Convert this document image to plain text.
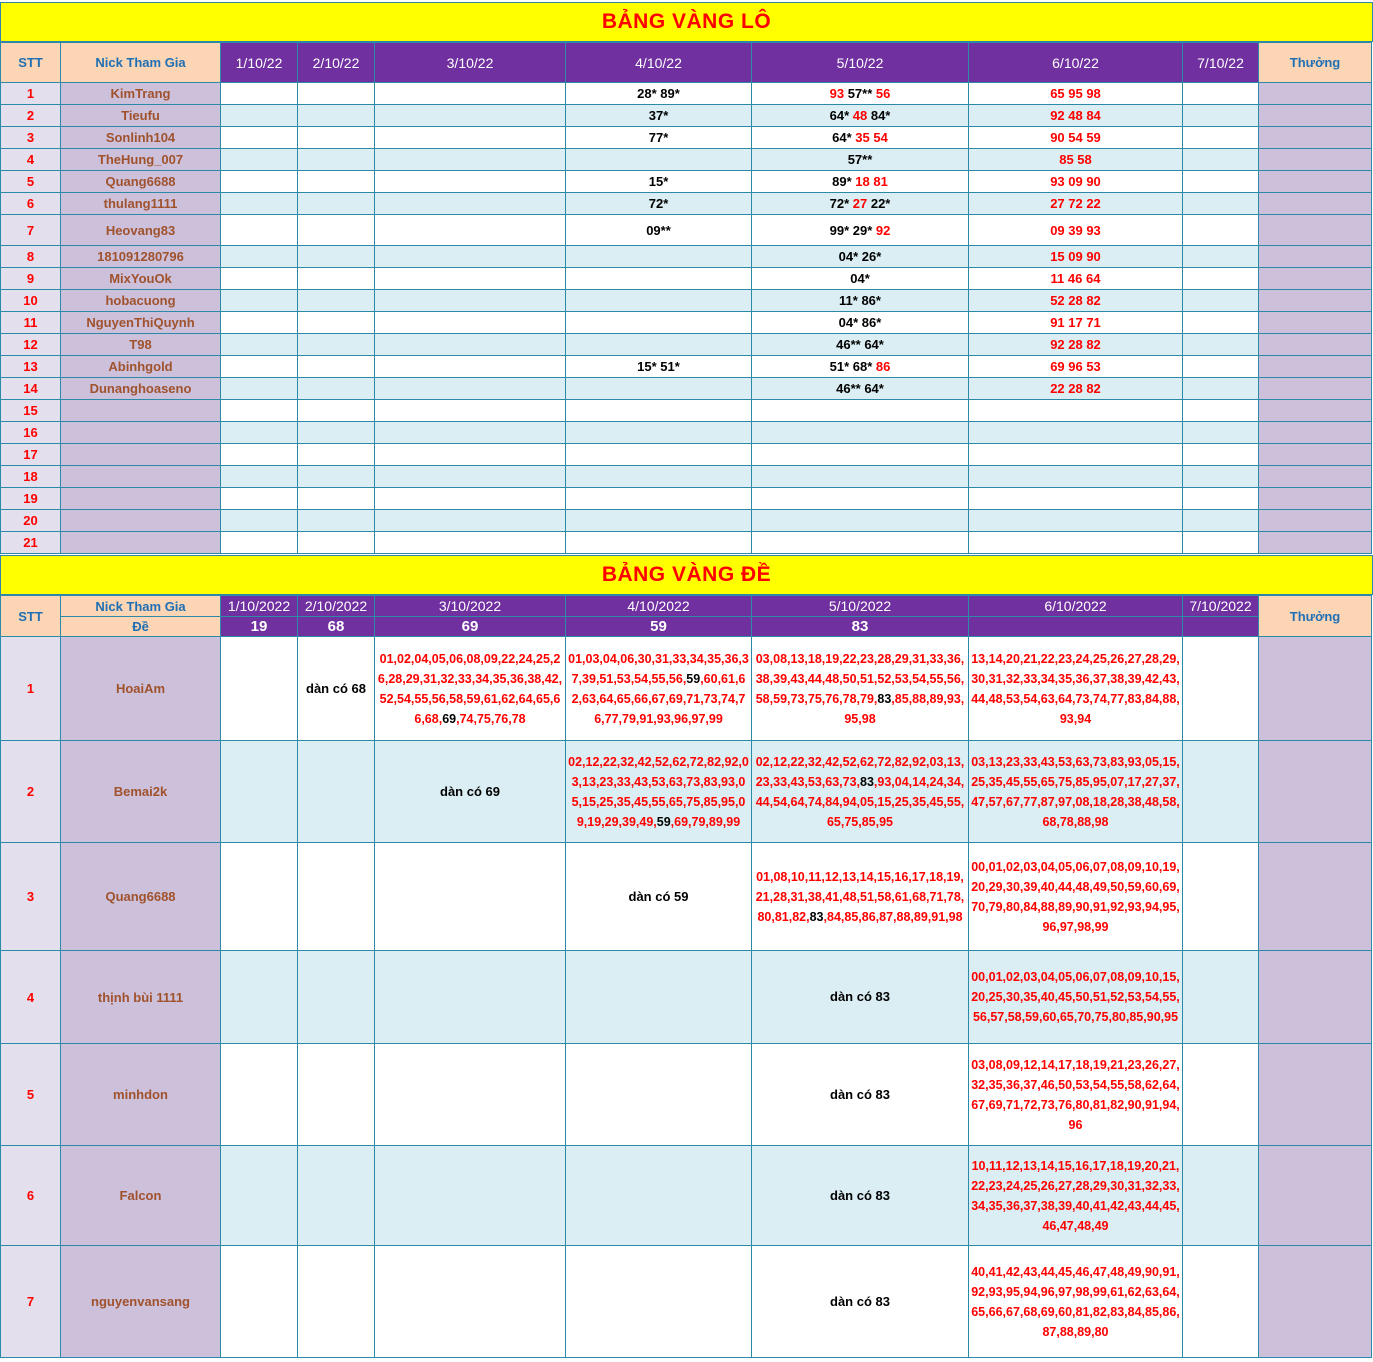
BẢNG VÀNG LÔ
STT	Nick Tham Gia	1/10/22	2/10/22	3/10/22	4/10/22	5/10/22	6/10/22	7/10/22	Thưởng
1	KimTrang				28* 89*	93 57** 56	65 95 98		
2	Tieufu				37*	64* 48 84*	92 48 84		
3	Sonlinh104				77*	64* 35 54	90 54 59		
4	TheHung_007					57**	85 58		
5	Quang6688				15*	89* 18 81	93 09 90		
6	thulang1111				72*	72* 27 22*	27 72 22		
7	Heovang83				09**	99* 29* 92	09 39 93		
8	181091280796					04* 26*	15 09 90		
9	MixYouOk					04*	11 46 64		
10	hobacuong					11* 86*	52 28 82		
11	NguyenThiQuynh					04* 86*	91 17 71		
12	T98					46** 64*	92 28 82		
13	Abinhgold				15* 51*	51* 68* 86	69 96 53		
14	Dunanghoaseno					46** 64*	22 28 82		
15									
16									
17									
18									
19									
20									
21									
BẢNG VÀNG ĐỀ
STT	Nick Tham Gia	1/10/2022	2/10/2022	3/10/2022	4/10/2022	5/10/2022	6/10/2022	7/10/2022	Thưởng
	Đề	19	68	69	59	83			
1	HoaiAm		dàn có 68	01,02,04,05,06,08,09,22,24,25,26,28,29,31,32,33,34,35,36,38,42,52,54,55,56,58,59,61,62,64,65,66,68,69,74,75,76,78	01,03,04,06,30,31,33,34,35,36,37,39,51,53,54,55,56,59,60,61,62,63,64,65,66,67,69,71,73,74,76,77,79,91,93,96,97,99	03,08,13,18,19,22,23,28,29,31,33,36,38,39,43,44,48,50,51,52,53,54,55,56,58,59,73,75,76,78,79,83,85,88,89,93,95,98	13,14,20,21,22,23,24,25,26,27,28,29,30,31,32,33,34,35,36,37,38,39,42,43,44,48,53,54,63,64,73,74,77,83,84,88,93,94		
2	Bemai2k			dàn có 69	02,12,22,32,42,52,62,72,82,92,03,13,23,33,43,53,63,73,83,93,05,15,25,35,45,55,65,75,85,95,09,19,29,39,49,59,69,79,89,99	02,12,22,32,42,52,62,72,82,92,03,13,23,33,43,53,63,73,83,93,04,14,24,34,44,54,64,74,84,94,05,15,25,35,45,55,65,75,85,95	03,13,23,33,43,53,63,73,83,93,05,15,25,35,45,55,65,75,85,95,07,17,27,37,47,57,67,77,87,97,08,18,28,38,48,58,68,78,88,98		
3	Quang6688				dàn có 59	01,08,10,11,12,13,14,15,16,17,18,19,21,28,31,38,41,48,51,58,61,68,71,78,80,81,82,83,84,85,86,87,88,89,91,98	00,01,02,03,04,05,06,07,08,09,10,19,20,29,30,39,40,44,48,49,50,59,60,69,70,79,80,84,88,89,90,91,92,93,94,95,96,97,98,99		
4	thịnh bùi 1111					dàn có 83	00,01,02,03,04,05,06,07,08,09,10,15,20,25,30,35,40,45,50,51,52,53,54,55,56,57,58,59,60,65,70,75,80,85,90,95		
5	minhdon					dàn có 83	03,08,09,12,14,17,18,19,21,23,26,27,32,35,36,37,46,50,53,54,55,58,62,64,67,69,71,72,73,76,80,81,82,90,91,94,96		
6	Falcon					dàn có 83	10,11,12,13,14,15,16,17,18,19,20,21,22,23,24,25,26,27,28,29,30,31,32,33,34,35,36,37,38,39,40,41,42,43,44,45,46,47,48,49		
7	nguyenvansang					dàn có 83	40,41,42,43,44,45,46,47,48,49,90,91,92,93,95,94,96,97,98,99,61,62,63,64,65,66,67,68,69,60,81,82,83,84,85,86,87,88,89,80		
